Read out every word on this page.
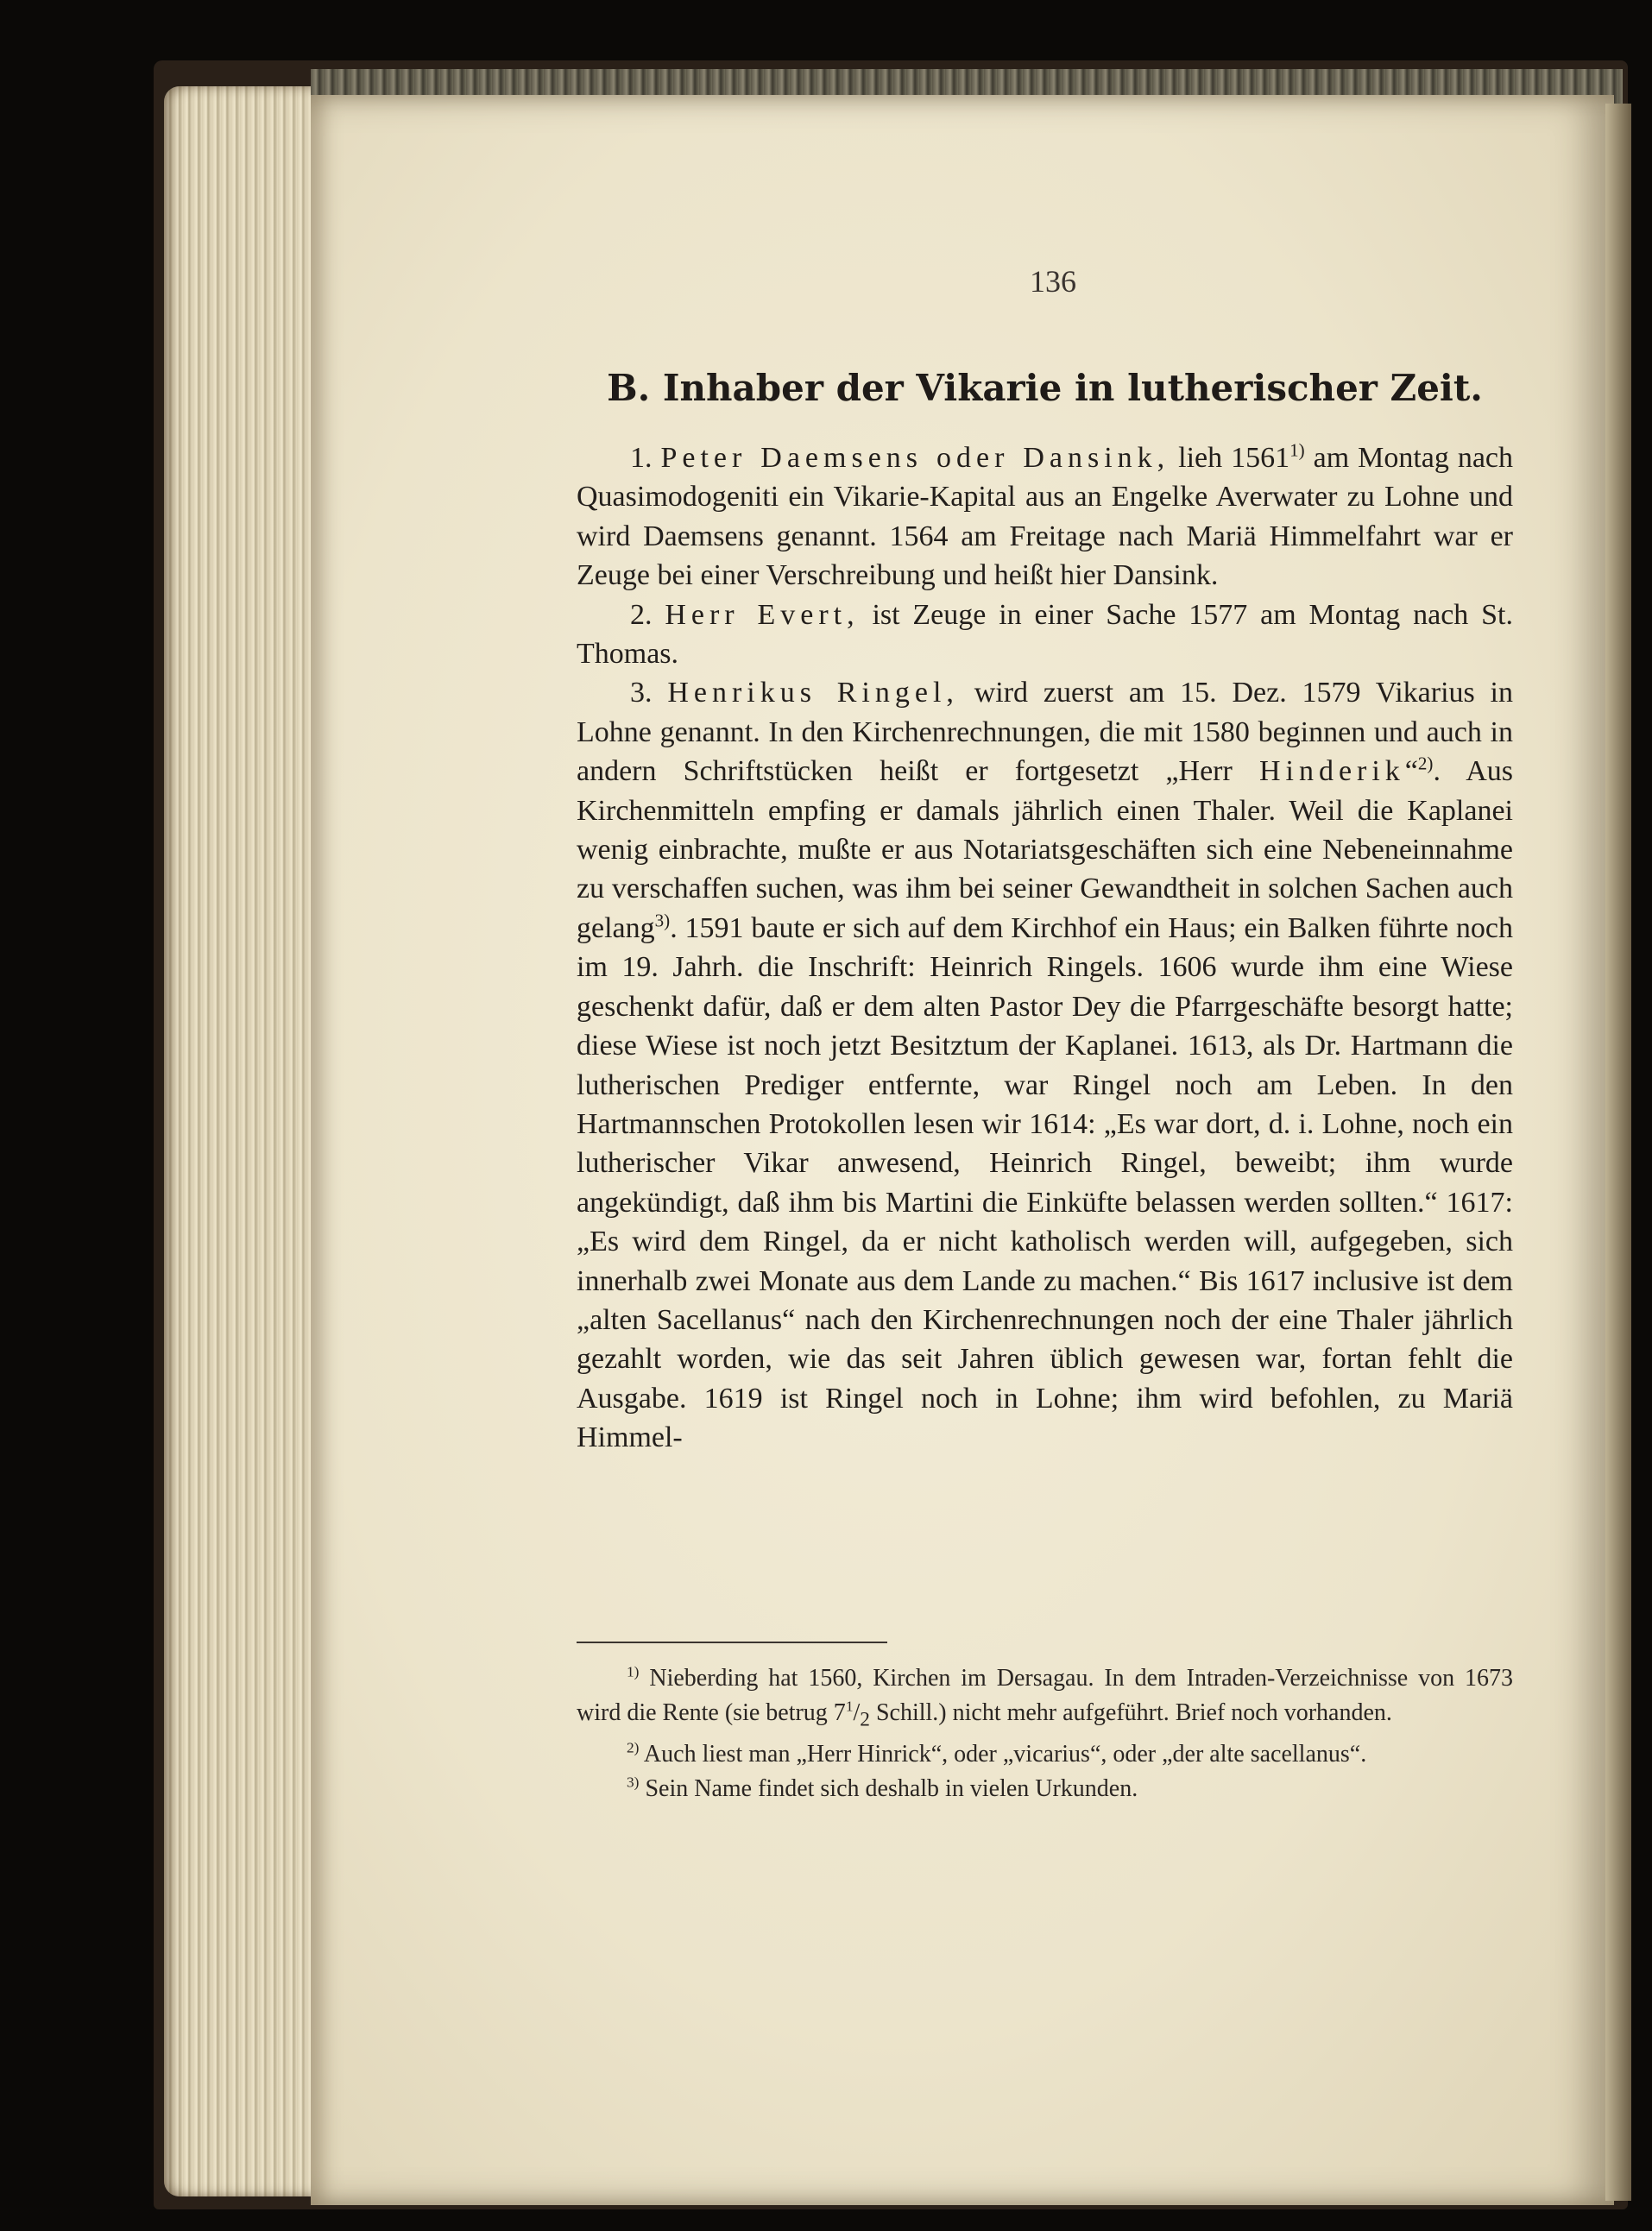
136
B. Inhaber der Vikarie in lutherischer Zeit.

1. Peter Daemsens oder Dansink, lieh 1561$^{1)}$ am Montag nach Quasimodogeniti ein Vikarie-Kapital aus an Engelke Averwater zu Lohne und wird Daemsens genannt. 1564 am Freitage nach Mariä Himmelfahrt war er Zeuge bei einer Verschreibung und heißt hier Dansink.

2. Herr Evert, ist Zeuge in einer Sache 1577 am Montag nach St. Thomas.

3. Henrikus Ringel, wird zuerst am 15. Dez. 1579 Vikarius in Lohne genannt. In den Kirchenrechnungen, die mit 1580 beginnen und auch in andern Schriftstücken heißt er fortgesetzt „Herr Hinderik“$^{2)}$. Aus Kirchenmitteln empfing er damals jährlich einen Thaler. Weil die Kaplanei wenig einbrachte, mußte er aus Notariatsgeschäften sich eine Nebeneinnahme zu verschaffen suchen, was ihm bei seiner Gewandtheit in solchen Sachen auch gelang$^{3)}$. 1591 baute er sich auf dem Kirchhof ein Haus; ein Balken führte noch im 19. Jahrh. die Inschrift: Heinrich Ringels. 1606 wurde ihm eine Wiese geschenkt dafür, daß er dem alten Pastor Dey die Pfarrgeschäfte besorgt hatte; diese Wiese ist noch jetzt Besitztum der Kaplanei. 1613, als Dr. Hartmann die lutherischen Prediger entfernte, war Ringel noch am Leben. In den Hartmannschen Protokollen lesen wir 1614: „Es war dort, d. i. Lohne, noch ein lutherischer Vikar anwesend, Heinrich Ringel, beweibt; ihm wurde angekündigt, daß ihm bis Martini die Einküfte belassen werden sollten.“ 1617: „Es wird dem Ringel, da er nicht katholisch werden will, aufgegeben, sich innerhalb zwei Monate aus dem Lande zu machen.“ Bis 1617 inclusive ist dem „alten Sacellanus“ nach den Kirchenrechnungen noch der eine Thaler jährlich gezahlt worden, wie das seit Jahren üblich gewesen war, fortan fehlt die Ausgabe. 1619 ist Ringel noch in Lohne; ihm wird befohlen, zu Mariä Himmel-

$^{1)}$ Nieberding hat 1560, Kirchen im Dersagau. In dem Intraden-Verzeichnisse von 1673 wird die Rente (sie betrug $7^1/_2$ Schill.) nicht mehr aufgeführt. Brief noch vorhanden.

$^{2)}$ Auch liest man „Herr Hinrick“, oder „vicarius“, oder „der alte sacellanus“.

$^{3)}$ Sein Name findet sich deshalb in vielen Urkunden.
